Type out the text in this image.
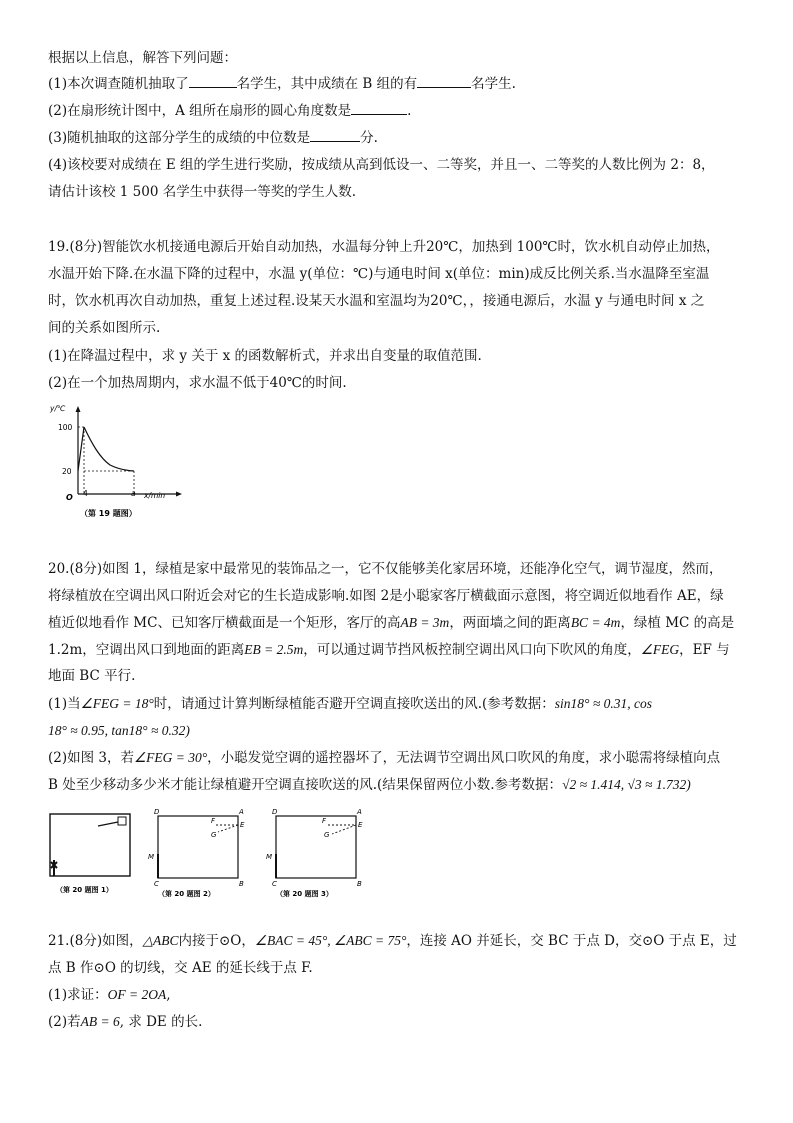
根据以上信息，解答下列问题：
(1)本次调查随机抽取了	名学生，其中成绩在 B 组的有	名学生.
(2)在扇形统计图中，A 组所在扇形的圆心角度数是	.
(3)随机抽取的这部分学生的成绩的中位数是	分.
(4)该校要对成绩在 E 组的学生进行奖励，按成绩从高到低设一、二等奖，并且一、二等奖的人数比例为 2：8，
请估计该校 1 500 名学生中获得一等奖的学生人数.
19.(8分)智能饮水机接通电源后开始自动加热，水温每分钟上升20℃，加热到 100℃时，饮水机自动停止加热，
水温开始下降.在水温下降的过程中，水温 y(单位：℃)与通电时间 x(单位：min)成反比例关系.当水温降至室温
时，饮水机再次自动加热，重复上述过程.设某天水温和室温均为20℃，，接通电源后，水温 y 与通电时间 x 之
间的关系如图所示.
(1)在降温过程中，求 y 关于 x 的函数解析式，并求出自变量的取值范围.
(2)在一个加热周期内，求水温不低于40℃的时间.
y/℃
x/min
100
20
4	a
O
（第 19 题图）
20.(8分)如图 1，绿植是家中最常见的装饰品之一，它不仅能够美化家居环境，还能净化空气，调节湿度，然而，
将绿植放在空调出风口附近会对它的生长造成影响.如图 2是小聪家客厅横截面示意图，将空调近似地看作 AE，绿
植近似地看作 MC、已知客厅横截面是一个矩形，客厅的高AB = 3m，两面墙之间的距离BC = 4m，绿植 MC 的高是
1.2m，空调出风口到地面的距离EB = 2.5m，可以通过调节挡风板控制空调出风口向下吹风的角度，∠FEG，EF 与
地面 BC 平行.
(1)当∠FEG = 18°时，请通过计算判断绿植能否避开空调直接吹送出的风.(参考数据：sin18° ≈ 0.31, cos
18° ≈ 0.95, tan18° ≈ 0.32)
(2)如图 3，若∠FEG = 30°，小聪发觉空调的遥控器坏了，无法调节空调出风口吹风的角度，求小聪需将绿植向点
B 处至少移动多少米才能让绿植避开空调直接吹送的风.(结果保留两位小数.参考数据：√2 ≈ 1.414, √3 ≈ 1.732)
（第 20 题图 1）
D	A
E
F
G
M
C	B
（第 20 题图 2）
D	A
E
F
G
M
C	B
（第 20 题图 3）
21.(8分)如图，△ABC内接于⊙O，∠BAC = 45°, ∠ABC = 75°，连接 AO 并延长，交 BC 于点 D，交⊙O 于点 E，过
点 B 作⊙O 的切线，交 AE 的延长线于点 F.
(1)求证：OF = 2OA,
(2)若AB = 6, 求 DE 的长.
